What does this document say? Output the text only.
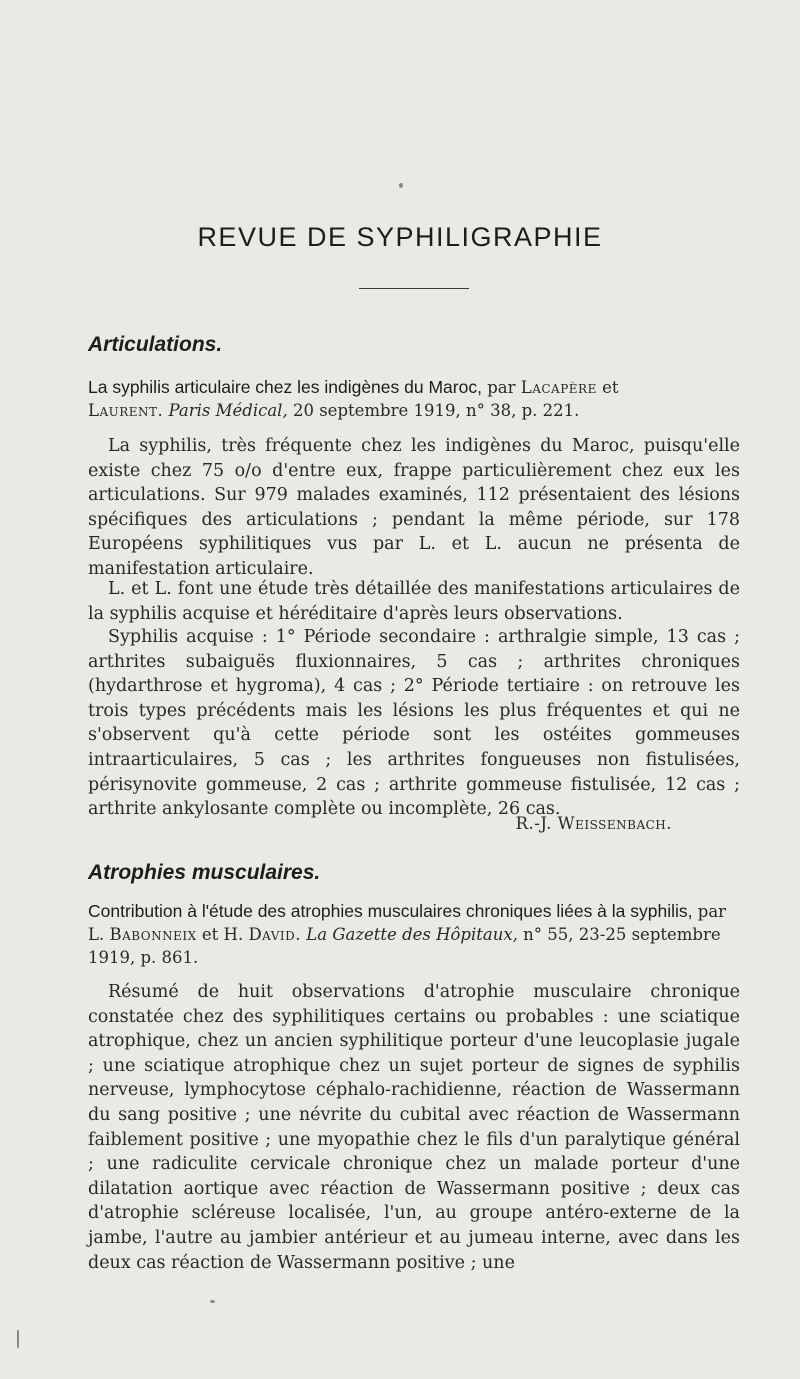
REVUE DE SYPHILIGRAPHIE
Articulations.
La syphilis articulaire chez les indigènes du Maroc, par Lacapère et
Laurent. Paris Médical, 20 septembre 1919, n° 38, p. 221.

La syphilis, très fréquente chez les indigènes du Maroc, puisqu'elle existe chez 75 o/o d'entre eux, frappe particulièrement chez eux les articulations. Sur 979 malades examinés, 112 présentaient des lésions spécifiques des articulations ; pendant la même période, sur 178 Européens syphilitiques vus par L. et L. aucun ne présenta de manifestation articulaire.

L. et L. font une étude très détaillée des manifestations articulaires de la syphilis acquise et héréditaire d'après leurs observations.

Syphilis acquise : 1° Période secondaire : arthralgie simple, 13 cas ; arthrites subaiguës fluxionnaires, 5 cas ; arthrites chroniques (hydarthrose et hygroma), 4 cas ; 2° Période tertiaire : on retrouve les trois types précédents mais les lésions les plus fréquentes et qui ne s'observent qu'à cette période sont les ostéites gommeuses intraarticulaires, 5 cas ; les arthrites fongueuses non fistulisées, périsynovite gommeuse, 2 cas ; arthrite gommeuse fistulisée, 12 cas ; arthrite ankylosante complète ou incomplète, 26 cas.

R.-J. Weissenbach.
Atrophies musculaires.
Contribution à l'étude des atrophies musculaires chroniques liées à la syphilis, par L. Babonneix et H. David. La Gazette des Hôpitaux, n° 55, 23-25 septembre 1919, p. 861.

Résumé de huit observations d'atrophie musculaire chronique constatée chez des syphilitiques certains ou probables : une sciatique atrophique, chez un ancien syphilitique porteur d'une leucoplasie jugale ; une sciatique atrophique chez un sujet porteur de signes de syphilis nerveuse, lymphocytose céphalo-rachidienne, réaction de Wassermann du sang positive ; une névrite du cubital avec réaction de Wassermann faiblement positive ; une myopathie chez le fils d'un paralytique général ; une radiculite cervicale chronique chez un malade porteur d'une dilatation aortique avec réaction de Wassermann positive ; deux cas d'atrophie scléreuse localisée, l'un, au groupe antéro-externe de la jambe, l'autre au jambier antérieur et au jumeau interne, avec dans les deux cas réaction de Wassermann positive ; une
